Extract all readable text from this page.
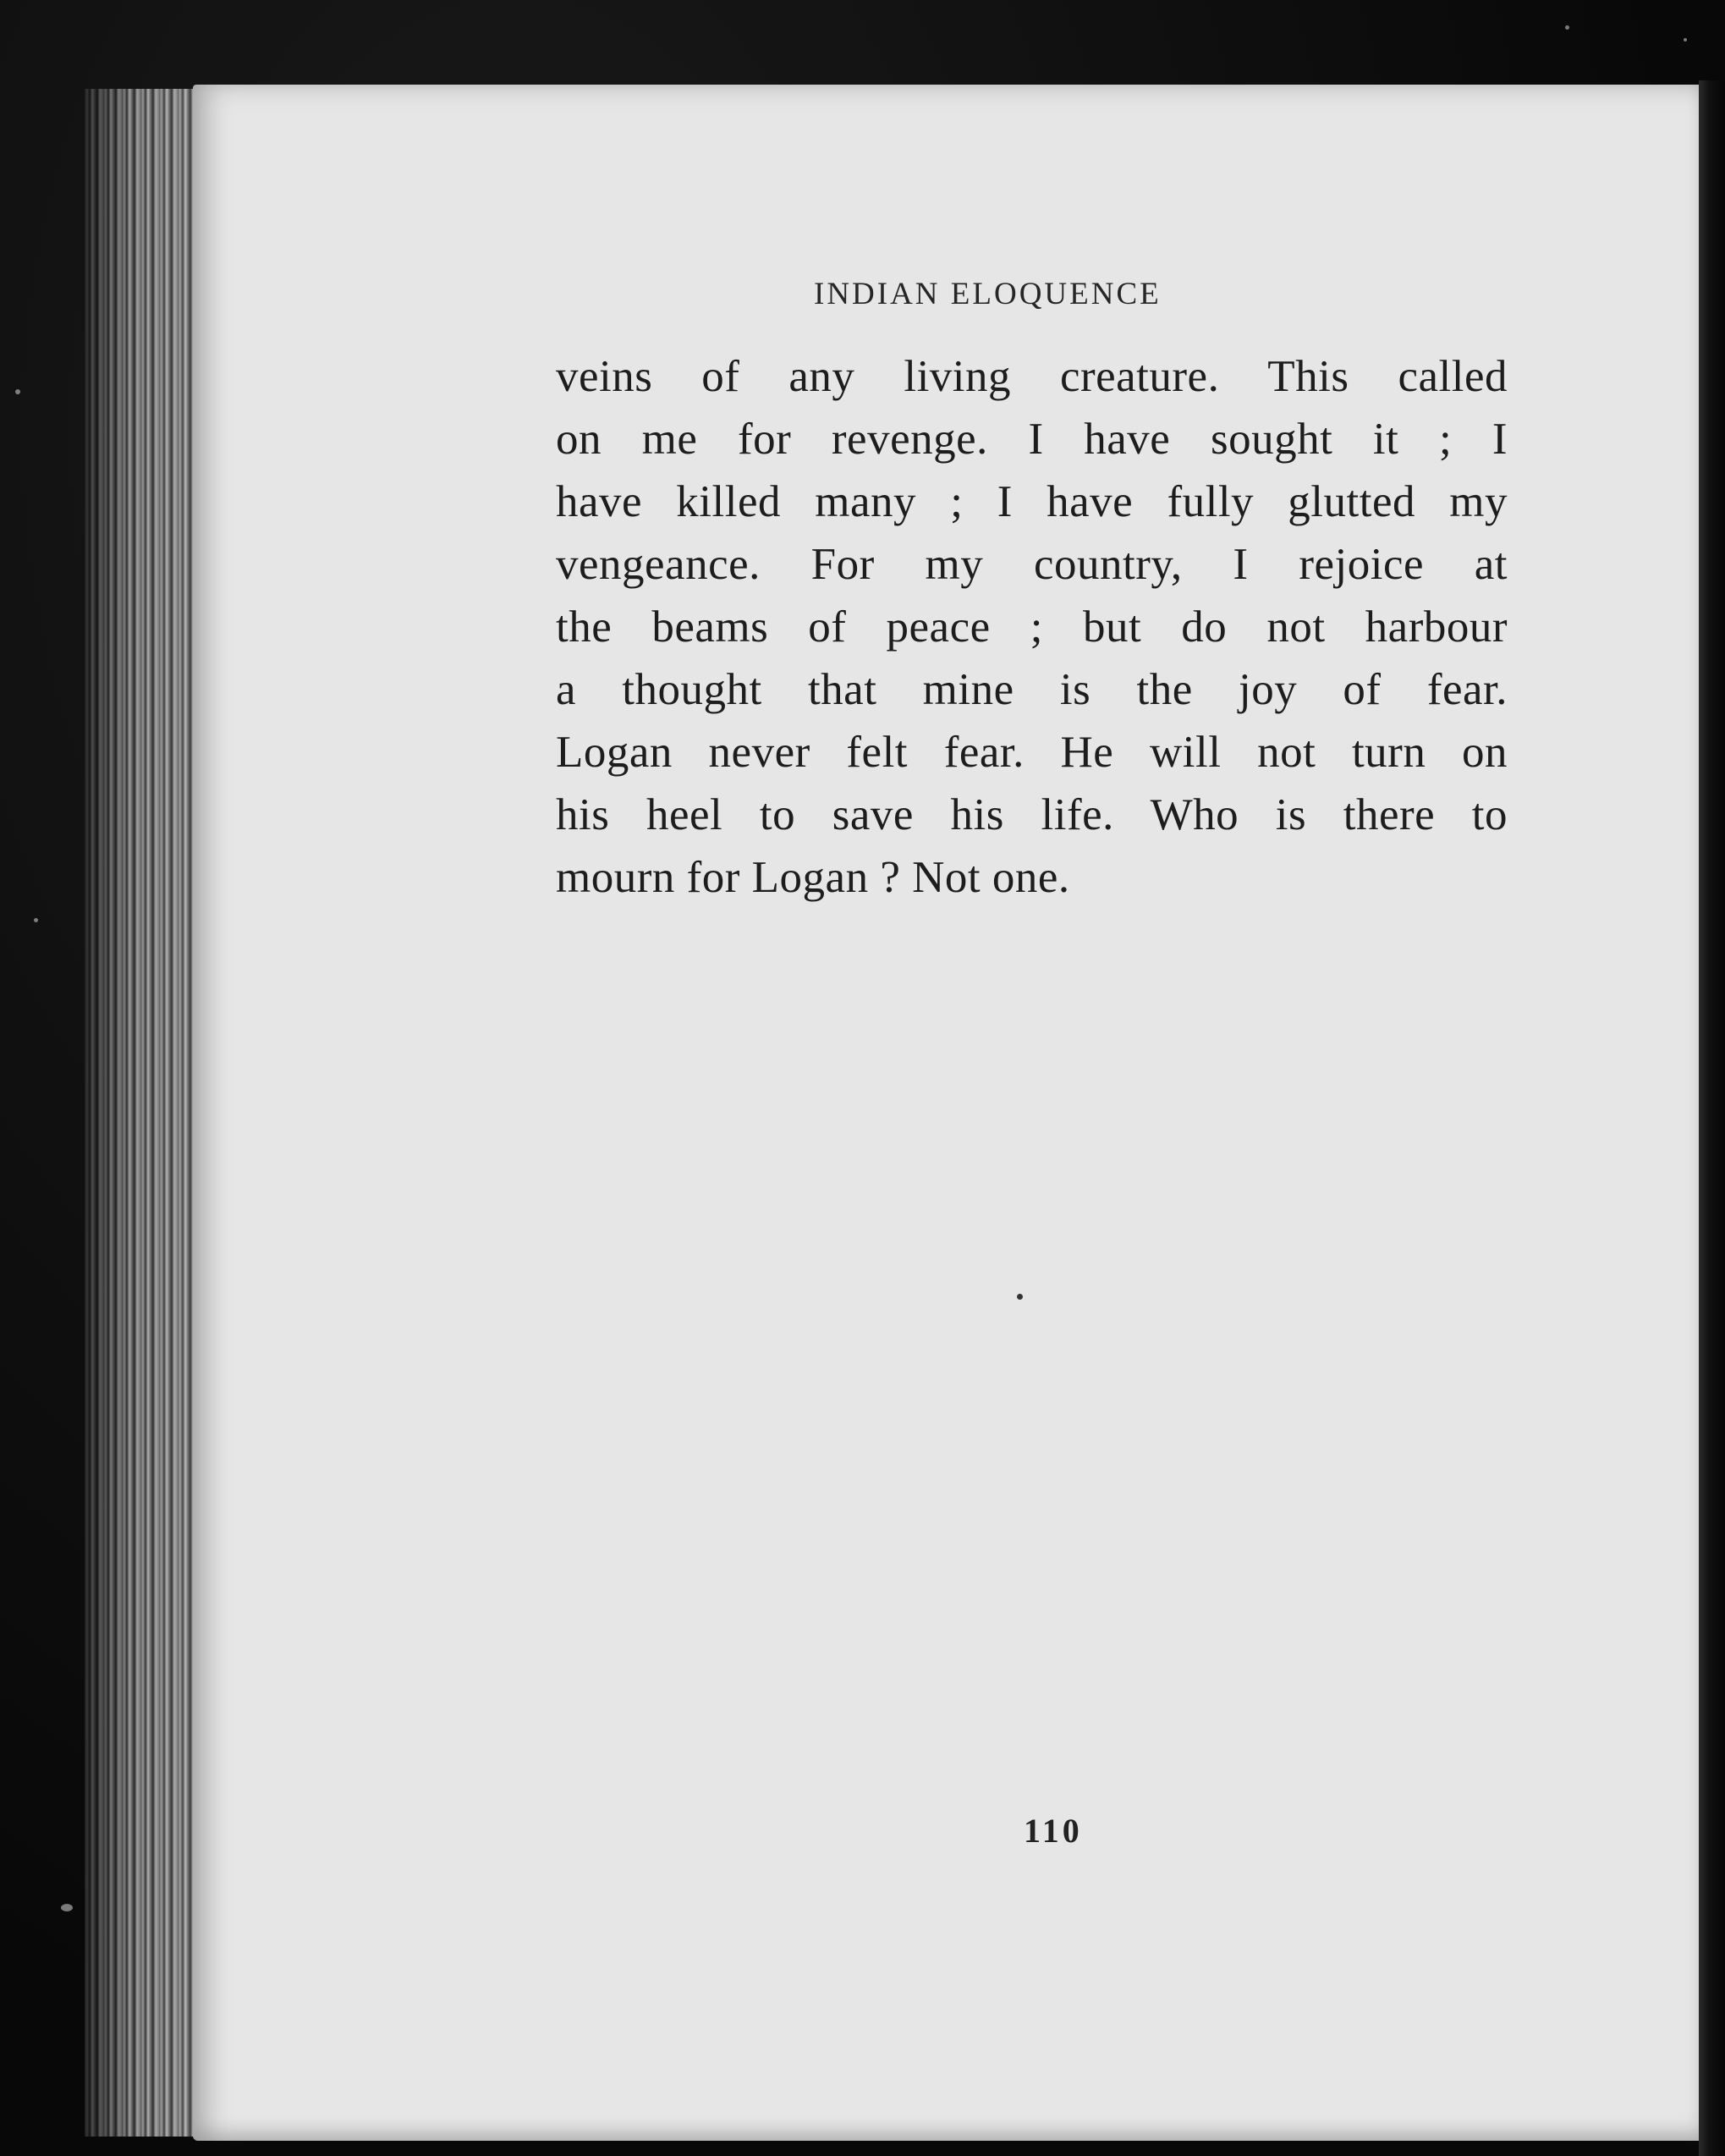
INDIAN ELOQUENCE
veins of any living creature. This called
on me for revenge. I have sought it ; I
have killed many ; I have fully glutted my
vengeance. For my country, I rejoice at
the beams of peace ; but do not harbour
a thought that mine is the joy of fear.
Logan never felt fear. He will not turn on
his heel to save his life. Who is there to
mourn for Logan ? Not one.
110
